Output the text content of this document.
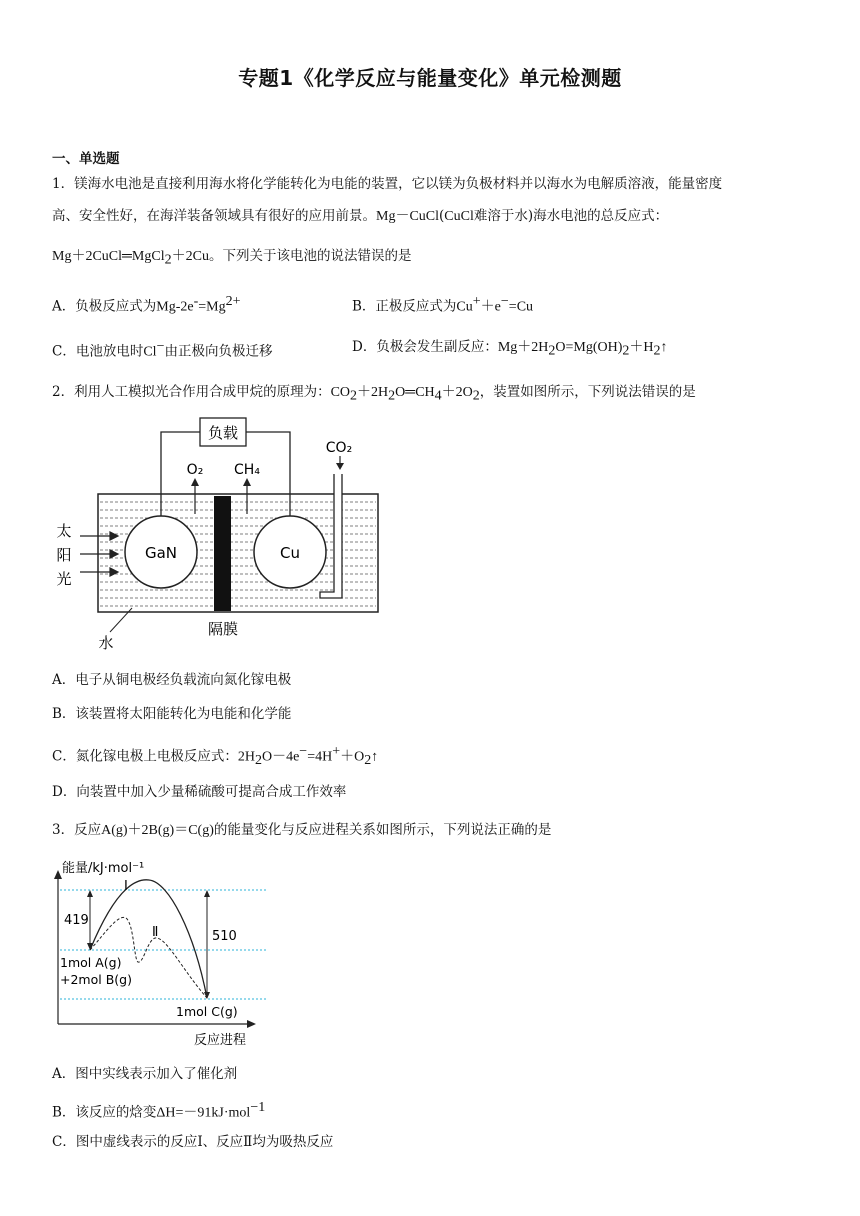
专题1《化学反应与能量变化》单元检测题
一、单选题
1．镁海水电池是直接利用海水将化学能转化为电能的装置，它以镁为负极材料并以海水为电解质溶液，能量密度
高、安全性好，在海洋装备领域具有很好的应用前景。Mg－CuCl(CuCl难溶于水)海水电池的总反应式：
Mg＋2CuCl═MgCl$_2$＋2Cu。下列关于该电池的说法错误的是
A．负极反应式为$Mg-2e^-=Mg^{2+}$	B．正极反应式为Cu+＋e−=Cu
C．电池放电时Cl−由正极向负极迁移	D．负极会发生副反应：$Mg+2H_2O=Mg(OH)_2+H_2↑$
2．利用人工模拟光合作用合成甲烷的原理为：$CO_2+2H_2O═CH_4+2O_2$，装置如图所示，下列说法错误的是
GaN	Cu
负载
O₂ CH₄
CO₂
太
阳
光
水
隔膜
A．电子从铜电极经负载流向氮化镓电极
B．该装置将太阳能转化为电能和化学能
C．氮化镓电极上电极反应式：$2H_2O-4e^-=4H^++O_2↑$
D．向装置中加入少量稀硫酸可提高合成工作效率
3．反应A(g)＋2B(g)＝C(g)的能量变化与反应进程关系如图所示，下列说法正确的是
能量/kJ·mol⁻¹
反应进程
419
510
Ⅰ
Ⅱ
1mol A(g)
+2mol B(g)
1mol C(g)
A．图中实线表示加入了催化剂
B．该反应的焓变ΔH=－91kJ·mol$^{-1}$
C．图中虚线表示的反应Ⅰ、反应Ⅱ均为吸热反应
